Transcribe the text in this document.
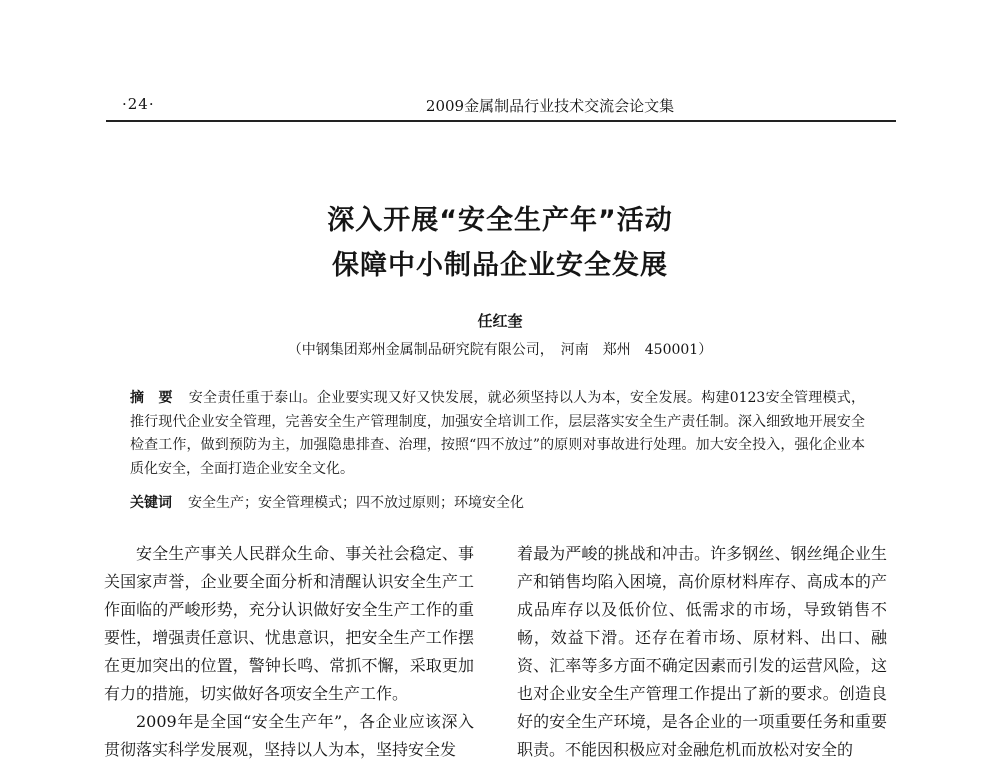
·24·	2009金属制品行业技术交流会论文集
深入开展“安全生产年”活动
保障中小制品企业安全发展
任红奎
（中钢集团郑州金属制品研究院有限公司，　河南　郑州　450001）
摘　要 安全责任重于泰山。企业要实现又好又快发展，就必须坚持以人为本，安全发展。构建0123安全管理模式，推行现代企业安全管理，完善安全生产管理制度，加强安全培训工作，层层落实安全生产责任制。深入细致地开展安全检查工作，做到预防为主，加强隐患排查、治理，按照“四不放过”的原则对事故进行处理。加大安全投入，强化企业本质化安全，全面打造企业安全文化。
关键词 安全生产；安全管理模式；四不放过原则；环境安全化

安全生产事关人民群众生命、事关社会稳定、事关国家声誉，企业要全面分析和清醒认识安全生产工作面临的严峻形势，充分认识做好安全生产工作的重要性，增强责任意识、忧患意识，把安全生产工作摆在更加突出的位置，警钟长鸣、常抓不懈，采取更加有力的措施，切实做好各项安全生产工作。

2009年是全国“安全生产年”，各企业应该深入贯彻落实科学发展观，坚持以人为本，坚持安全发

着最为严峻的挑战和冲击。许多钢丝、钢丝绳企业生产和销售均陷入困境，高价原材料库存、高成本的产成品库存以及低价位、低需求的市场，导致销售不畅，效益下滑。还存在着市场、原材料、出口、融资、汇率等多方面不确定因素而引发的运营风险，这也对企业安全生产管理工作提出了新的要求。创造良好的安全生产环境，是各企业的一项重要任务和重要职责。不能因积极应对金融危机而放松对安全的
